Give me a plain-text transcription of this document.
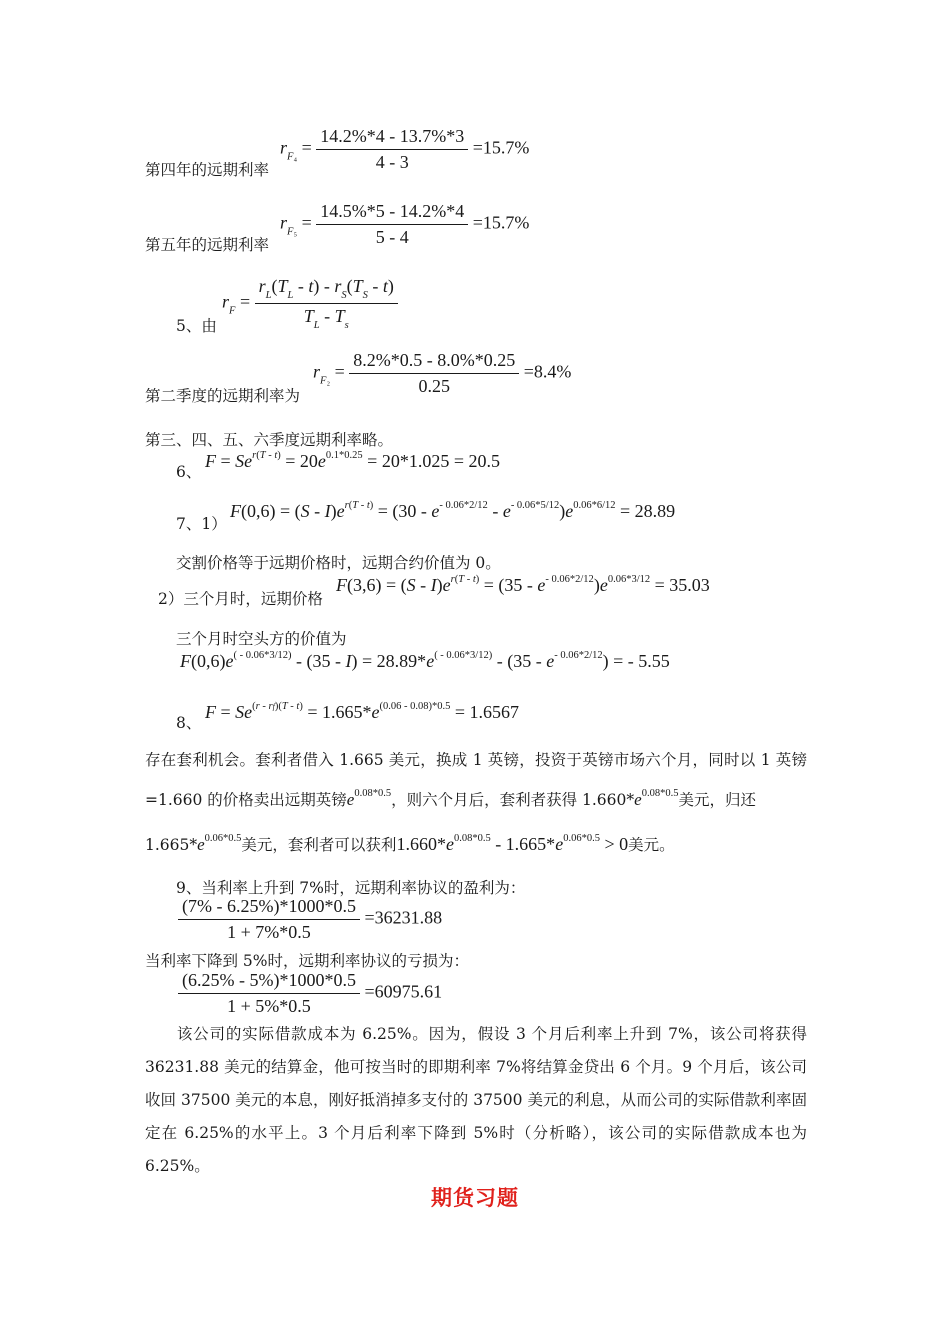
第四年的远期利率
$r_{F_4} = \frac{14.2\%*4 - 13.7\%*3}{4 - 3} =15.7\%$
第五年的远期利率
$r_{F_5} = \frac{14.5\%*5 - 14.2\%*4}{5 - 4} =15.7\%$
5、由
$r_F = \frac{r_L(T_L - t) - r_S(T_S - t)}{T_L - T_s}$
第二季度的远期利率为
$r_{F_2} = \frac{8.2\%*0.5 - 8.0\%*0.25}{0.25} =8.4\%$
第三、四、五、六季度远期利率略。
6、
$F = Se^{r(T - t)} = 20e^{0.1*0.25} = 20*1.025 = 20.5$
7、1）
$F(0,6) = (S - I)e^{r(T - t)} = (30 - e^{- 0.06*2/12} - e^{- 0.06*5/12})e^{0.06*6/12} = 28.89$
交割价格等于远期价格时，远期合约价值为 0。
2）三个月时，远期价格
$F(3,6) = (S - I)e^{r(T - t)} = (35 - e^{- 0.06*2/12})e^{0.06*3/12} = 35.03$
三个月时空头方的价值为
$F(0,6)e^{( - 0.06*3/12)} - (35 - I) = 28.89*e^{( - 0.06*3/12)} - (35 - e^{- 0.06*2/12})$ = - 5.55
8、
$F = Se^{(r - rf)(T - t)} = 1.665*e^{(0.06 - 0.08)*0.5} = 1.6567$
存在套利机会。套利者借入 1.665 美元，换成 1 英镑，投资于英镑市场六个月，同时以 1 英镑=1.660 的价格卖出远期英镑$e^{0.08*0.5}$，则六个月后，套利者获得 $1.660*e^{0.08*0.5}$美元，归还
$1.665*e^{0.06*0.5}$美元，套利者可以获利$1.660*e^{0.08*0.5} - 1.665*e^{0.06*0.5} > 0$美元。
9、当利率上升到 7%时，远期利率协议的盈利为：
$\frac{(7\% - 6.25\%)*1000*0.5}{1 + 7\%*0.5} =36231.88$
当利率下降到 5%时，远期利率协议的亏损为：
$\frac{(6.25\% - 5\%)*1000*0.5}{1 + 5\%*0.5} =60975.61$
该公司的实际借款成本为 6.25%。因为，假设 3 个月后利率上升到 7%，该公司将获得 36231.88 美元的结算金，他可按当时的即期利率 7%将结算金贷出 6 个月。9 个月后，该公司收回 37500 美元的本息，刚好抵消掉多支付的 37500 美元的利息，从而公司的实际借款利率固定在 6.25%的水平上。3 个月后利率下降到 5%时（分析略），该公司的实际借款成本也为 6.25%。
期货习题
